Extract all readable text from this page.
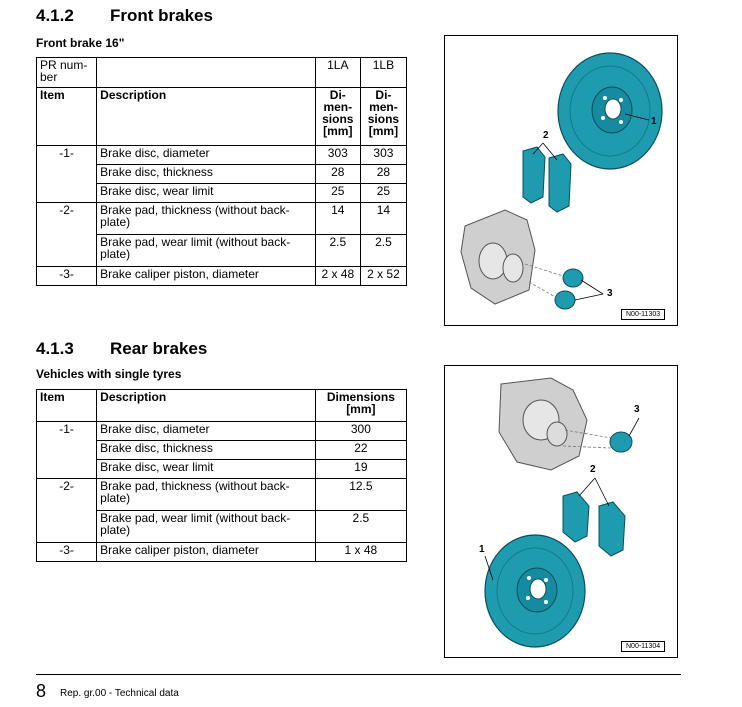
4.1.2 Front brakes
Front brake 16"
PR num-
ber		1LA	1LB
Item	Description	Di-
men-
sions
[mm]	Di-
men-
sions
[mm]
-1-	Brake disc, diameter	303	303
	Brake disc, thickness	28	28
	Brake disc, wear limit	25	25
-2-	Brake pad, thickness (without back-
plate)	14	14
	Brake pad, wear limit (without back-
plate)	2.5	2.5
-3-	Brake caliper piston, diameter	2 x 48	2 x 52
1
2
3
N00-11303
4.1.3 Rear brakes
Vehicles with single tyres
Item	Description	Dimensions
[mm]
-1-	Brake disc, diameter	300
	Brake disc, thickness	22
	Brake disc, wear limit	19
-2-	Brake pad, thickness (without back-
plate)	12.5
	Brake pad, wear limit (without back-
plate)	2.5
-3-	Brake caliper piston, diameter	1 x 48
3
2
1
N00-11304
8 Rep. gr.00 - Technical data
